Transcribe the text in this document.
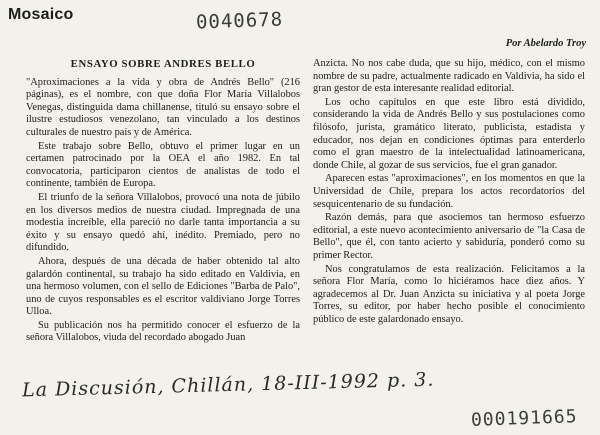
Mosaico	0040678
Por Abelardo Troy
ENSAYO SOBRE ANDRES BELLO

"Aproximaciones a la vida y obra de Andrés Bello" (216 páginas), es el nombre, con que doña Flor María Villalobos Venegas, distinguida dama chillanense, tituló su ensayo sobre el ilustre estudiosos venezolano, tan vinculado a los destinos culturales de nuestro país y de América.

Este trabajo sobre Bello, obtuvo el primer lugar en un certamen patrocinado por la OEA el año 1982. En tal convocatoria, participaron cientos de analistas de todo el continente, también de Europa.

El triunfo de la señora Villalobos, provocó una nota de júbilo en los diversos medios de nuestra ciudad. Impregnada de una modestia increíble, ella pareció no darle tanta importancia a su éxito y su ensayo quedó ahí, inédito. Premiado, pero no difundido.

Ahora, después de una década de haber obtenido tal alto galardón continental, su trabajo ha sido editado en Valdivia, en una hermoso volumen, con el sello de Ediciones "Barba de Palo", uno de cuyos responsables es el escritor valdiviano Jorge Torres Ulloa.

Su publicación nos ha permitido conocer el esfuerzo de la señora Villalobos, viuda del recordado abogado Juan

Anzicta. No nos cabe duda, que su hijo, médico, con el mismo nombre de su padre, actualmente radicado en Valdivia, ha sido el gran gestor de esta interesante realidad editorial.

Los ocho capítulos en que este libro está dividido, considerando la vida de Andrés Bello y sus postulaciones como filósofo, jurista, gramático literato, publicista, estadista y educador, nos dejan en condiciones óptimas para enterderlo como el gran maestro de la intelectualidad latinoamericana, donde Chile, al gozar de sus servicios, fue el gran ganador.

Aparecen estas "aproximaciones", en los momentos en que la Universidad de Chile, prepara los actos recordatorios del sesquicentenario de su fundación.

Razón demás, para que asociemos tan hermoso esfuerzo editorial, a este nuevo acontecimiento aniversario de "la Casa de Bello", que él, con tanto acierto y sabiduría, ponderó como su primer Rector.

Nos congratulamos de esta realización. Felicitamos a la señora Flor María, como lo hiciéramos hace diez años. Y agradecemos al Dr. Juan Anzicta su iniciativa y al poeta Jorge Torres, su editor, por haber hecho posible el conocimiento público de este galardonado ensayo.

La Discusión, Chillán, 18-III-1992 p. 3.
000191665
